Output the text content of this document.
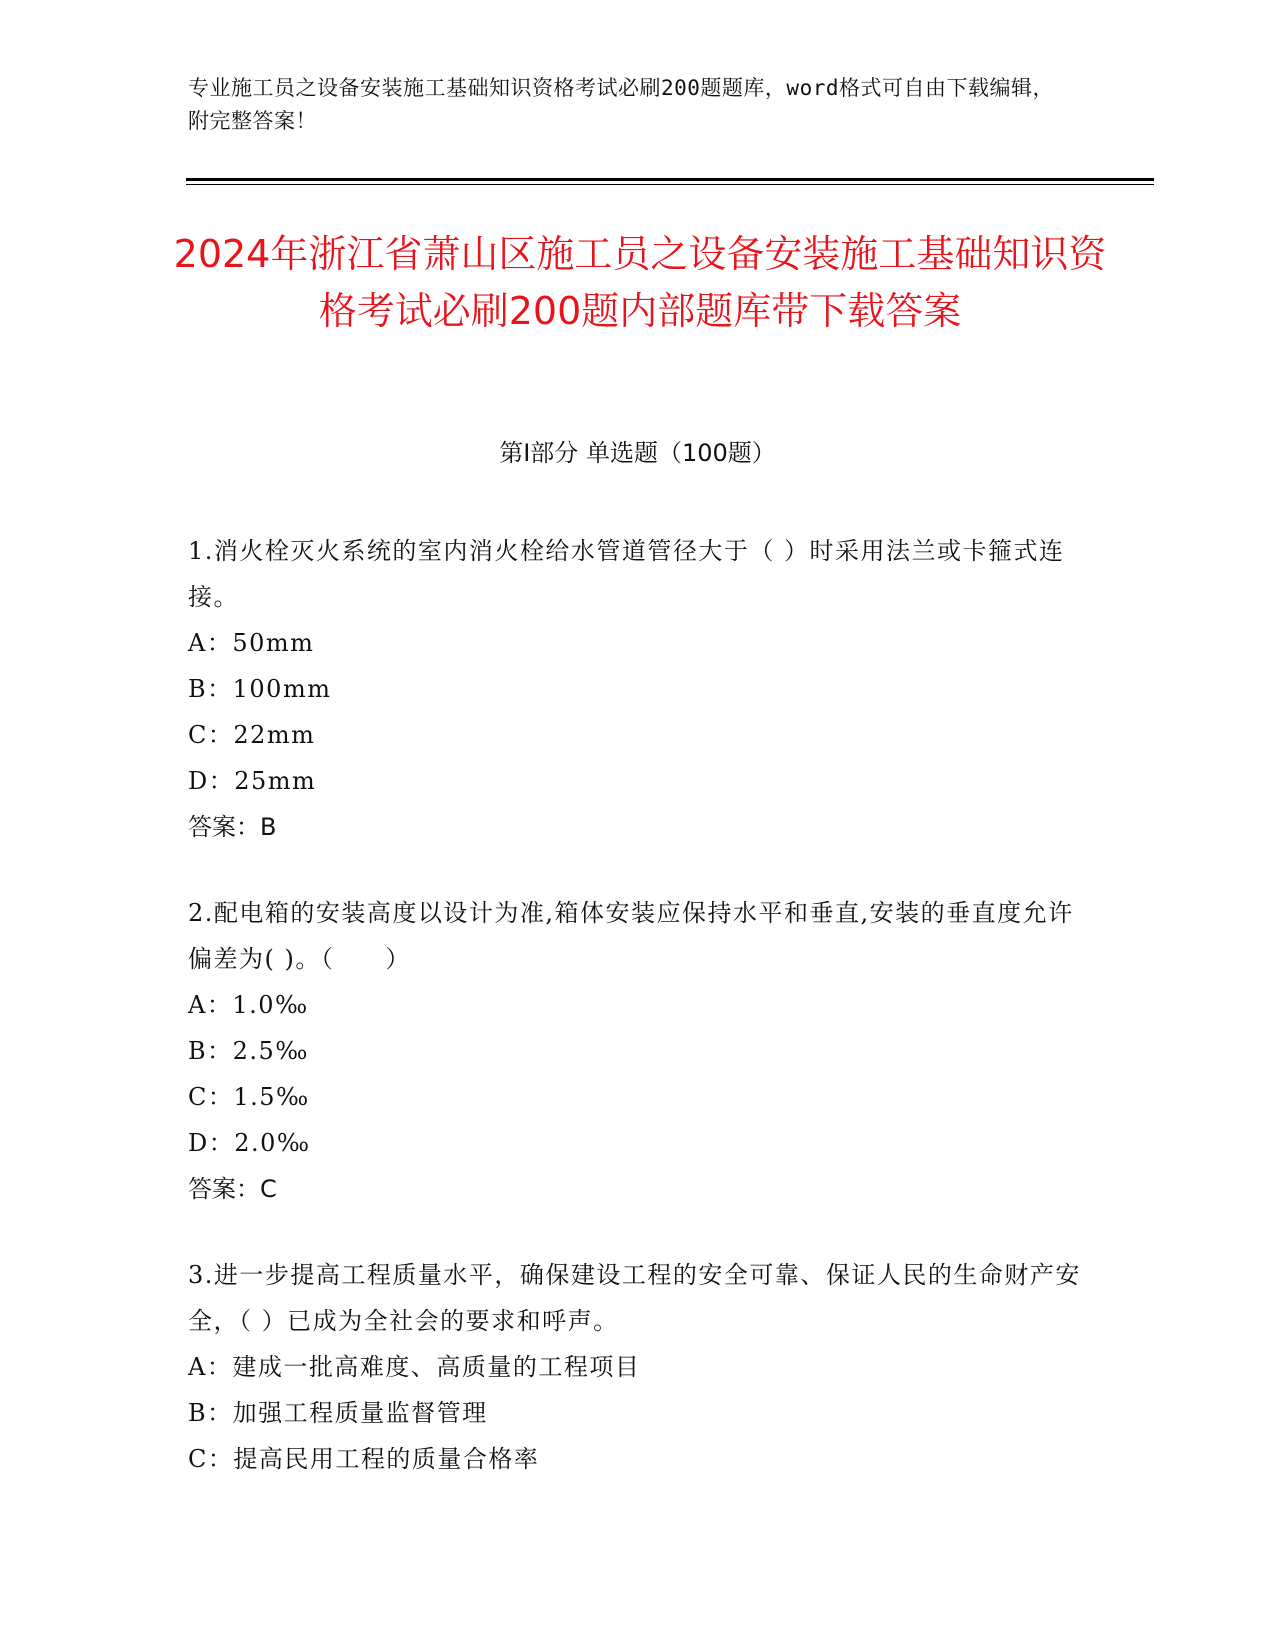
专业施工员之设备安装施工基础知识资格考试必刷200题题库，word格式可自由下载编辑，附完整答案！
2024年浙江省萧山区施工员之设备安装施工基础知识资格考试必刷200题内部题库带下载答案
第I部分 单选题（100题）

1.消火栓灭火系统的室内消火栓给水管道管径大于（ ）时采用法兰或卡箍式连接。

A：50mm

B：100mm

C：22mm

D：25mm

答案：B

2.配电箱的安装高度以设计为准,箱体安装应保持水平和垂直,安装的垂直度允许偏差为( )。（　　）

A：1.0‰

B：2.5‰

C：1.5‰

D：2.0‰

答案：C

3.进一步提高工程质量水平，确保建设工程的安全可靠、保证人民的生命财产安全，（ ）已成为全社会的要求和呼声。

A：建成一批高难度、高质量的工程项目

B：加强工程质量监督管理

C：提高民用工程的质量合格率
